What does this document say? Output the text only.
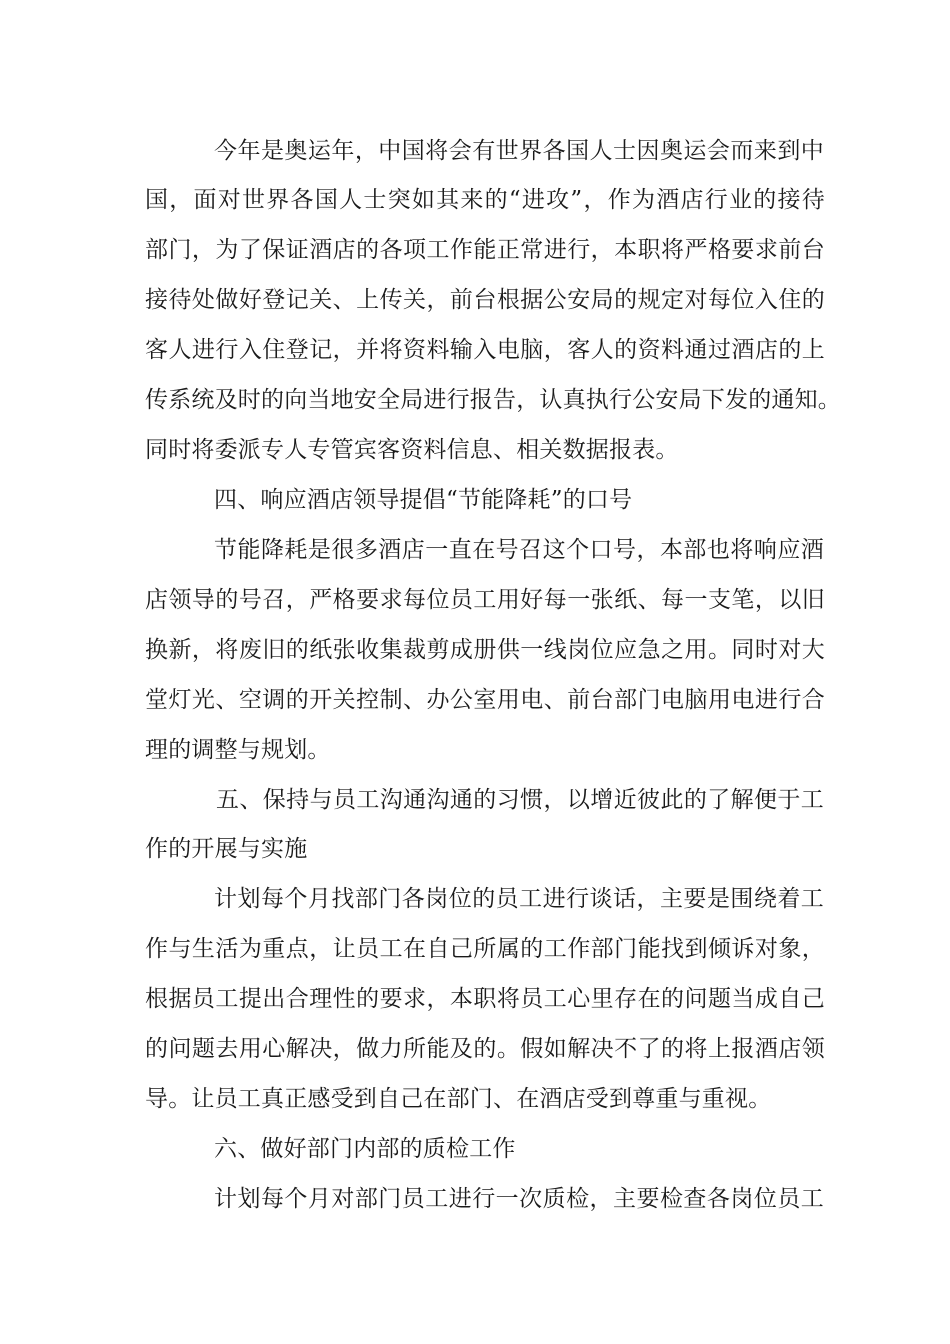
今年是奥运年，中国将会有世界各国人士因奥运会而来到中
国，面对世界各国人士突如其来的“进攻”，作为酒店行业的接待
部门，为了保证酒店的各项工作能正常进行，本职将严格要求前台
接待处做好登记关、上传关，前台根据公安局的规定对每位入住的
客人进行入住登记，并将资料输入电脑，客人的资料通过酒店的上
传系统及时的向当地安全局进行报告，认真执行公安局下发的通知。
同时将委派专人专管宾客资料信息、相关数据报表。
四、响应酒店领导提倡“节能降耗”的口号
节能降耗是很多酒店一直在号召这个口号，本部也将响应酒
店领导的号召，严格要求每位员工用好每一张纸、每一支笔，以旧
换新，将废旧的纸张收集裁剪成册供一线岗位应急之用。同时对大
堂灯光、空调的开关控制、办公室用电、前台部门电脑用电进行合
理的调整与规划。
五、保持与员工沟通沟通的习惯，以增近彼此的了解便于工
作的开展与实施
计划每个月找部门各岗位的员工进行谈话，主要是围绕着工
作与生活为重点，让员工在自己所属的工作部门能找到倾诉对象，
根据员工提出合理性的要求，本职将员工心里存在的问题当成自己
的问题去用心解决，做力所能及的。假如解决不了的将上报酒店领
导。让员工真正感受到自己在部门、在酒店受到尊重与重视。
六、做好部门内部的质检工作
计划每个月对部门员工进行一次质检，主要检查各岗位员工
